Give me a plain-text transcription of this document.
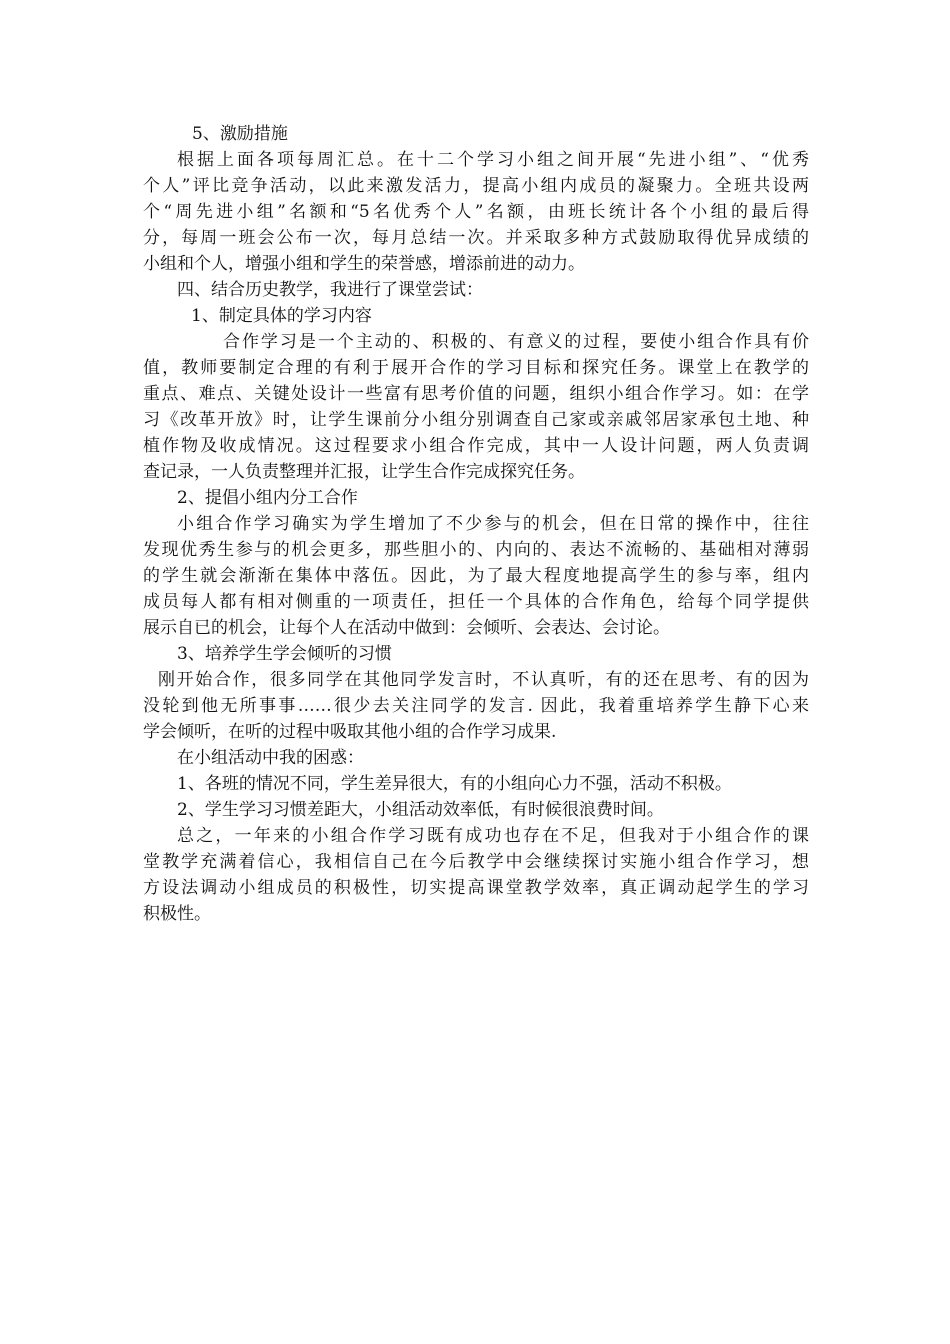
5、激励措施
根据上面各项每周汇总。在十二个学习小组之间开展“先进小组”、“优秀
个人”评比竞争活动，以此来激发活力，提高小组内成员的凝聚力。全班共设两
个“周先进小组”名额和“5名优秀个人”名额，由班长统计各个小组的最后得
分，每周一班会公布一次，每月总结一次。并采取多种方式鼓励取得优异成绩的
小组和个人，增强小组和学生的荣誉感，增添前进的动力。
四、结合历史教学，我进行了课堂尝试：
1、制定具体的学习内容
合作学习是一个主动的、积极的、有意义的过程，要使小组合作具有价
值，教师要制定合理的有利于展开合作的学习目标和探究任务。课堂上在教学的
重点、难点、关键处设计一些富有思考价值的问题，组织小组合作学习。如：在学
习《改革开放》时，让学生课前分小组分别调查自己家或亲戚邻居家承包土地、种
植作物及收成情况。这过程要求小组合作完成，其中一人设计问题，两人负责调
查记录，一人负责整理并汇报，让学生合作完成探究任务。
2、提倡小组内分工合作
小组合作学习确实为学生增加了不少参与的机会，但在日常的操作中，往往
发现优秀生参与的机会更多，那些胆小的、内向的、表达不流畅的、基础相对薄弱
的学生就会渐渐在集体中落伍。因此，为了最大程度地提高学生的参与率，组内
成员每人都有相对侧重的一项责任，担任一个具体的合作角色，给每个同学提供
展示自已的机会，让每个人在活动中做到：会倾听、会表达、会讨论。
3、培养学生学会倾听的习惯
刚开始合作，很多同学在其他同学发言时，不认真听，有的还在思考、有的因为
没轮到他无所事事……很少去关注同学的发言. 因此，我着重培养学生静下心来
学会倾听，在听的过程中吸取其他小组的合作学习成果.
在小组活动中我的困惑：
1、各班的情况不同，学生差异很大，有的小组向心力不强，活动不积极。
2、学生学习习惯差距大，小组活动效率低，有时候很浪费时间。
总之，一年来的小组合作学习既有成功也存在不足，但我对于小组合作的课
堂教学充满着信心，我相信自己在今后教学中会继续探讨实施小组合作学习，想
方设法调动小组成员的积极性，切实提高课堂教学效率，真正调动起学生的学习
积极性。
